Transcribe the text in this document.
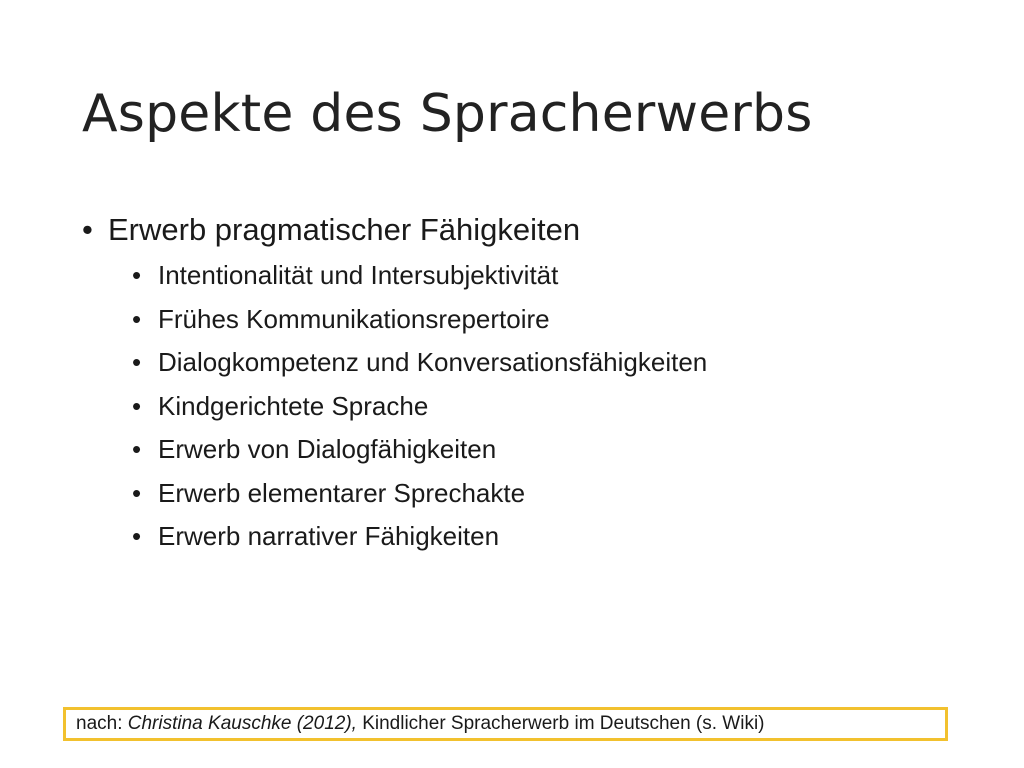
Aspekte des Spracherwerbs
• Erwerb pragmatischer Fähigkeiten
• Intentionalität und Intersubjektivität
• Frühes Kommunikationsrepertoire
• Dialogkompetenz und Konversationsfähigkeiten
• Kindgerichtete Sprache
• Erwerb von Dialogfähigkeiten
• Erwerb elementarer Sprechakte
• Erwerb narrativer Fähigkeiten
nach: Christina Kauschke (2012), Kindlicher Spracherwerb im Deutschen (s. Wiki)
